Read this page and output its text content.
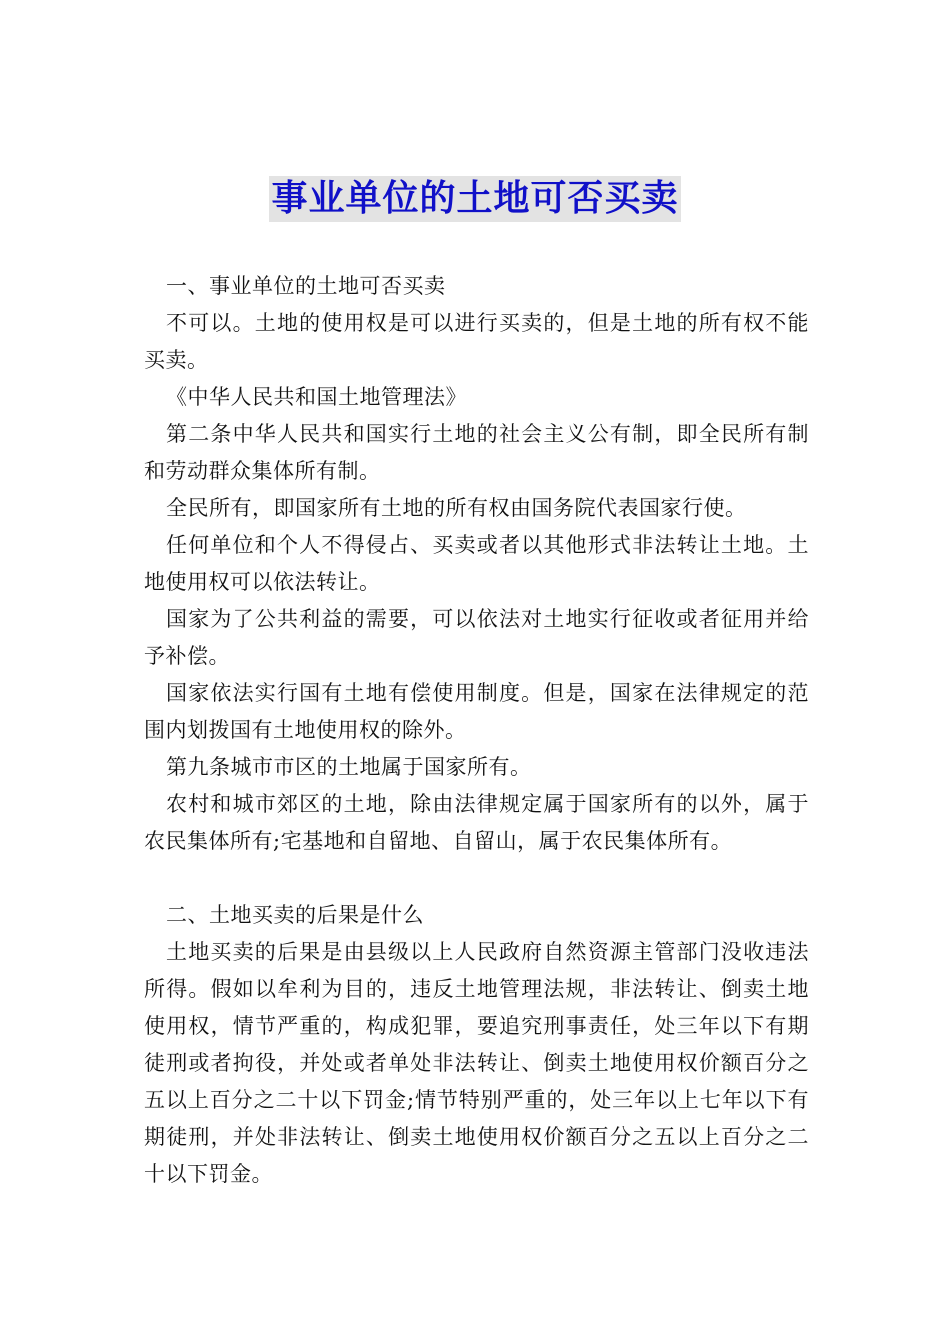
事业单位的土地可否买卖

一、事业单位的土地可否买卖

不可以。土地的使用权是可以进行买卖的，但是土地的所有权不能买卖。

《中华人民共和国土地管理法》

第二条中华人民共和国实行土地的社会主义公有制，即全民所有制和劳动群众集体所有制。

全民所有，即国家所有土地的所有权由国务院代表国家行使。

任何单位和个人不得侵占、买卖或者以其他形式非法转让土地。土地使用权可以依法转让。

国家为了公共利益的需要，可以依法对土地实行征收或者征用并给予补偿。

国家依法实行国有土地有偿使用制度。但是，国家在法律规定的范围内划拨国有土地使用权的除外。

第九条城市市区的土地属于国家所有。

农村和城市郊区的土地，除由法律规定属于国家所有的以外，属于农民集体所有;宅基地和自留地、自留山，属于农民集体所有。

二、土地买卖的后果是什么

土地买卖的后果是由县级以上人民政府自然资源主管部门没收违法所得。假如以牟利为目的，违反土地管理法规，非法转让、倒卖土地使用权，情节严重的，构成犯罪，要追究刑事责任，处三年以下有期徒刑或者拘役，并处或者单处非法转让、倒卖土地使用权价额百分之五以上百分之二十以下罚金;情节特别严重的，处三年以上七年以下有期徒刑，并处非法转让、倒卖土地使用权价额百分之五以上百分之二十以下罚金。
